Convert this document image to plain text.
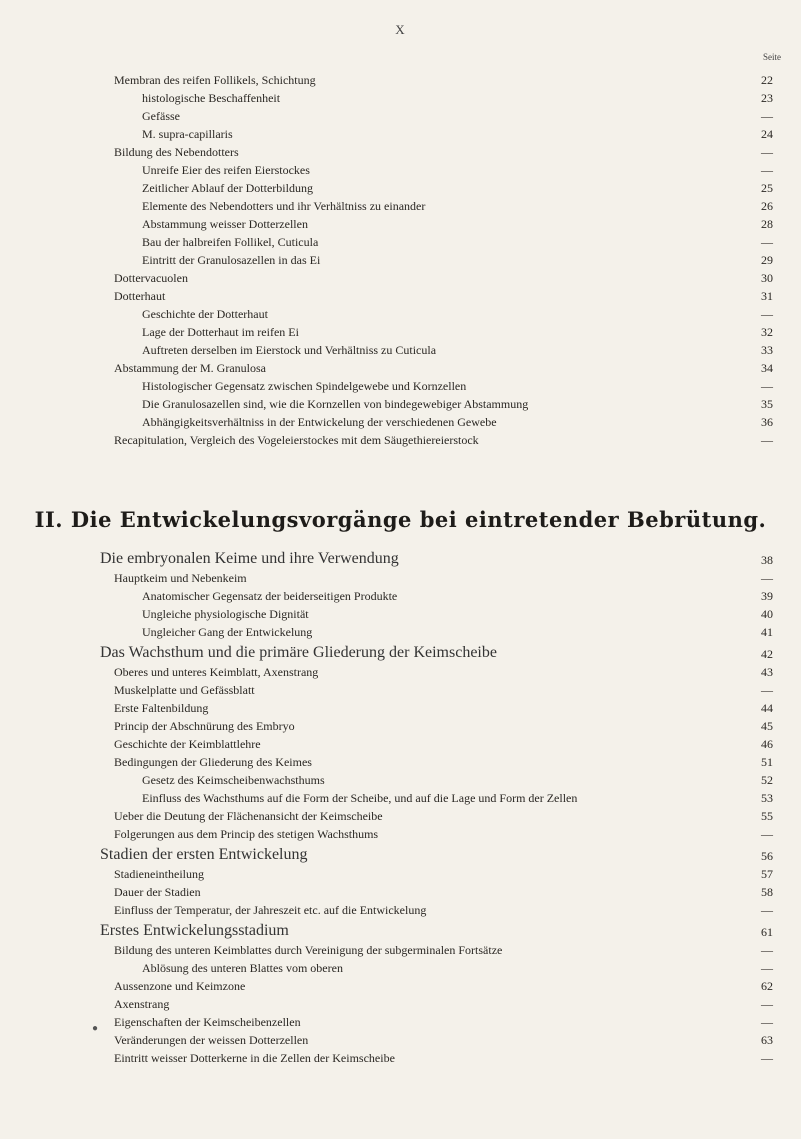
X
Seite
II. Die Entwickelungsvorgänge bei eintretender Bebrütung.
Membran des reifen Follikels, Schichtung	22
histologische Beschaffenheit	23
Gefässe	—
M. supra-capillaris	24
Bildung des Nebendotters	—
Unreife Eier des reifen Eierstockes	—
Zeitlicher Ablauf der Dotterbildung	25
Elemente des Nebendotters und ihr Verhältniss zu einander	26
Abstammung weisser Dotterzellen	28
Bau der halbreifen Follikel, Cuticula	—
Eintritt der Granulosazellen in das Ei	29
Dottervacuolen	30
Dotterhaut	31
Geschichte der Dotterhaut	—
Lage der Dotterhaut im reifen Ei	32
Auftreten derselben im Eierstock und Verhältniss zu Cuticula	33
Abstammung der M. Granulosa	34
Histologischer Gegensatz zwischen Spindelgewebe und Kornzellen	—
Die Granulosazellen sind, wie die Kornzellen von bindegewebiger Abstammung	35
Abhängigkeitsverhältniss in der Entwickelung der verschiedenen Gewebe	36
Recapitulation, Vergleich des Vogeleierstockes mit dem Säugethiereierstock	—
Die embryonalen Keime und ihre Verwendung	38
Hauptkeim und Nebenkeim	—
Anatomischer Gegensatz der beiderseitigen Produkte	39
Ungleiche physiologische Dignität	40
Ungleicher Gang der Entwickelung	41
Das Wachsthum und die primäre Gliederung der Keimscheibe	42
Oberes und unteres Keimblatt, Axenstrang	43
Muskelplatte und Gefässblatt	—
Erste Faltenbildung	44
Princip der Abschnürung des Embryo	45
Geschichte der Keimblattlehre	46
Bedingungen der Gliederung des Keimes	51
Gesetz des Keimscheibenwachsthums	52
Einfluss des Wachsthums auf die Form der Scheibe, und auf die Lage und Form der Zellen	53
Ueber die Deutung der Flächenansicht der Keimscheibe	55
Folgerungen aus dem Princip des stetigen Wachsthums	—
Stadien der ersten Entwickelung	56
Stadieneintheilung	57
Dauer der Stadien	58
Einfluss der Temperatur, der Jahreszeit etc. auf die Entwickelung	—
Erstes Entwickelungsstadium	61
Bildung des unteren Keimblattes durch Vereinigung der subgerminalen Fortsätze	—
Ablösung des unteren Blattes vom oberen	—
Aussenzone und Keimzone	62
Axenstrang	—
Eigenschaften der Keimscheibenzellen	—
Veränderungen der weissen Dotterzellen	63
Eintritt weisser Dotterkerne in die Zellen der Keimscheibe	—
●
